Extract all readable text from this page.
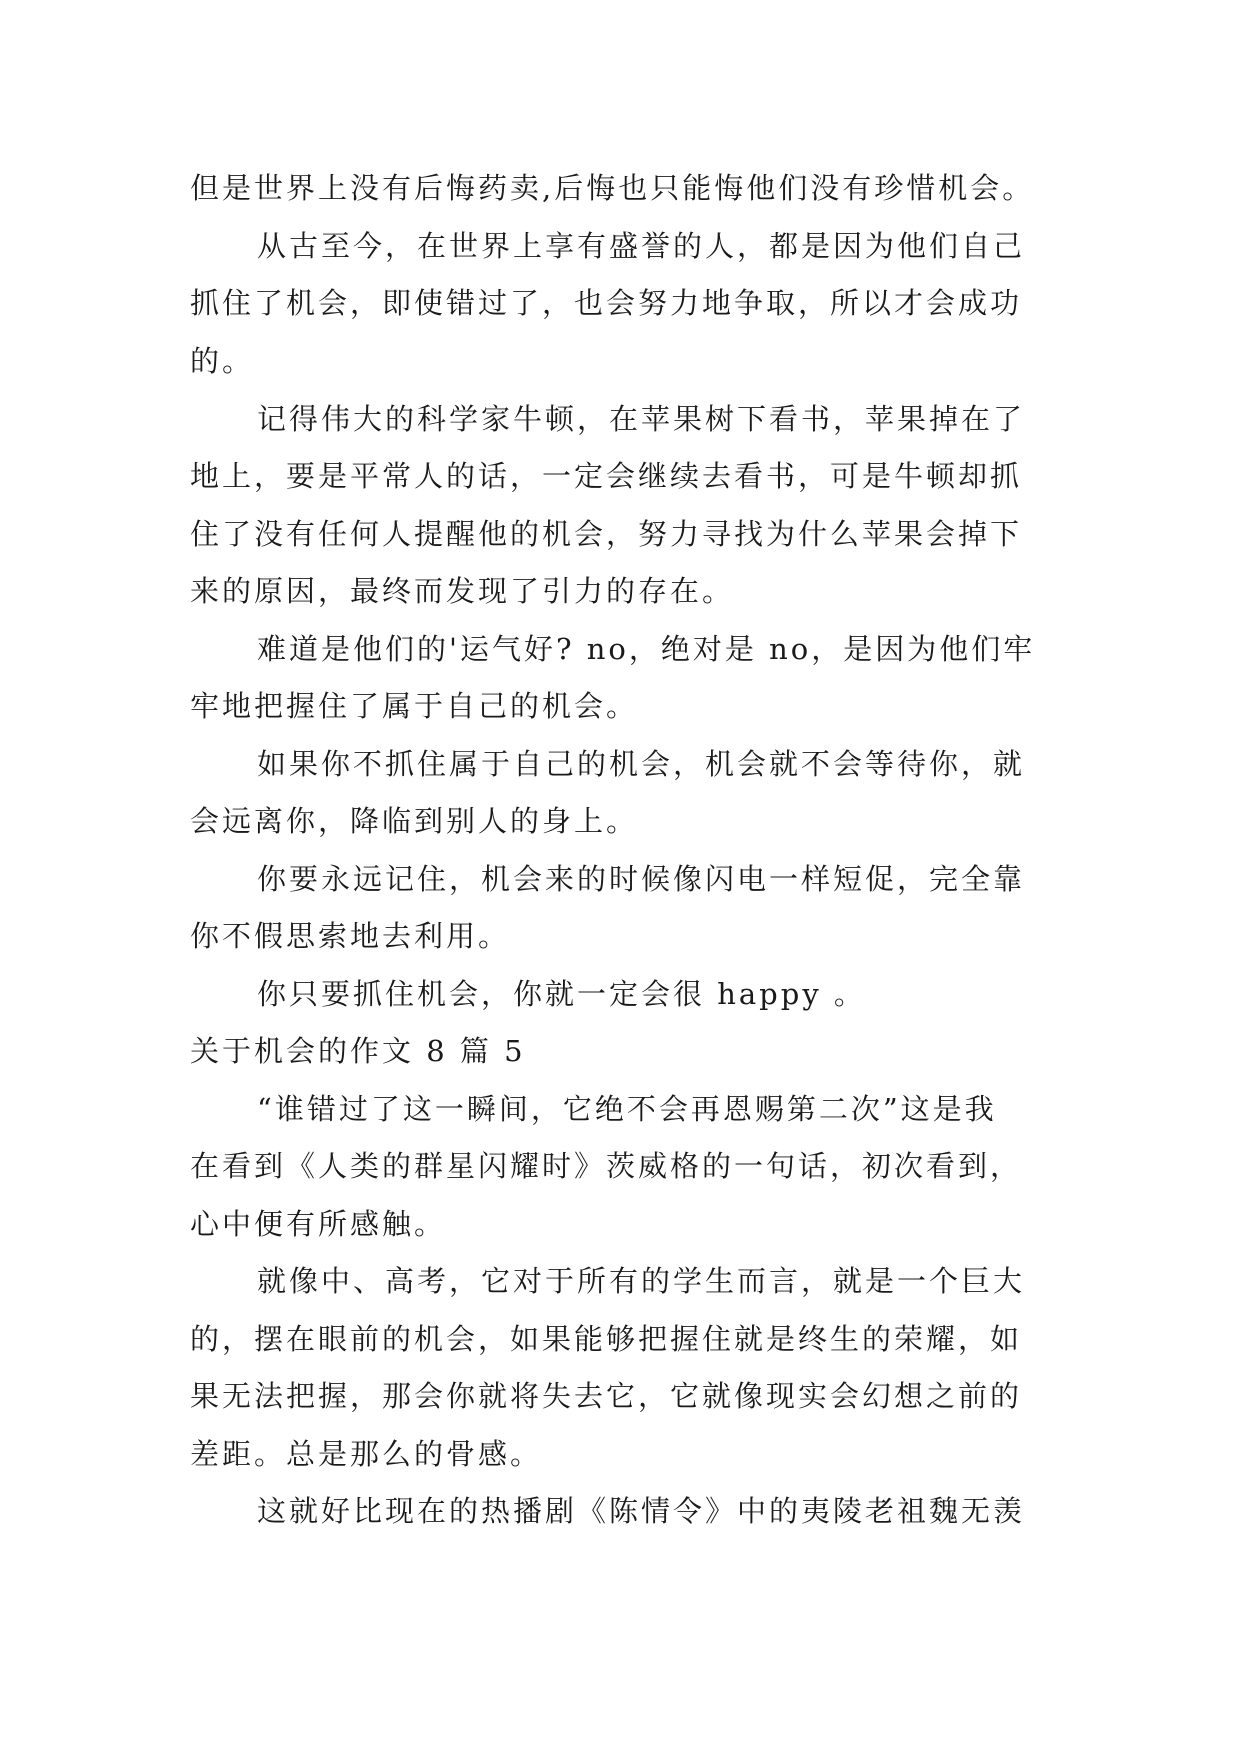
但是世界上没有后悔药卖,后悔也只能悔他们没有珍惜机会。
从古至今，在世界上享有盛誉的人，都是因为他们自己
抓住了机会，即使错过了，也会努力地争取，所以才会成功
的。
记得伟大的科学家牛顿，在苹果树下看书，苹果掉在了
地上，要是平常人的话，一定会继续去看书，可是牛顿却抓
住了没有任何人提醒他的机会，努力寻找为什么苹果会掉下
来的原因，最终而发现了引力的存在。
难道是他们的'运气好? no，绝对是 no，是因为他们牢
牢地把握住了属于自己的机会。
如果你不抓住属于自己的机会，机会就不会等待你，就
会远离你，降临到别人的身上。
你要永远记住，机会来的时候像闪电一样短促，完全靠
你不假思索地去利用。
你只要抓住机会，你就一定会很 happy 。
关于机会的作文 8 篇 5
“谁错过了这一瞬间，它绝不会再恩赐第二次”这是我
在看到《人类的群星闪耀时》茨威格的一句话，初次看到，
心中便有所感触。
就像中、高考，它对于所有的学生而言，就是一个巨大
的，摆在眼前的机会，如果能够把握住就是终生的荣耀，如
果无法把握，那会你就将失去它，它就像现实会幻想之前的
差距。总是那么的骨感。
这就好比现在的热播剧《陈情令》中的夷陵老祖魏无羡
